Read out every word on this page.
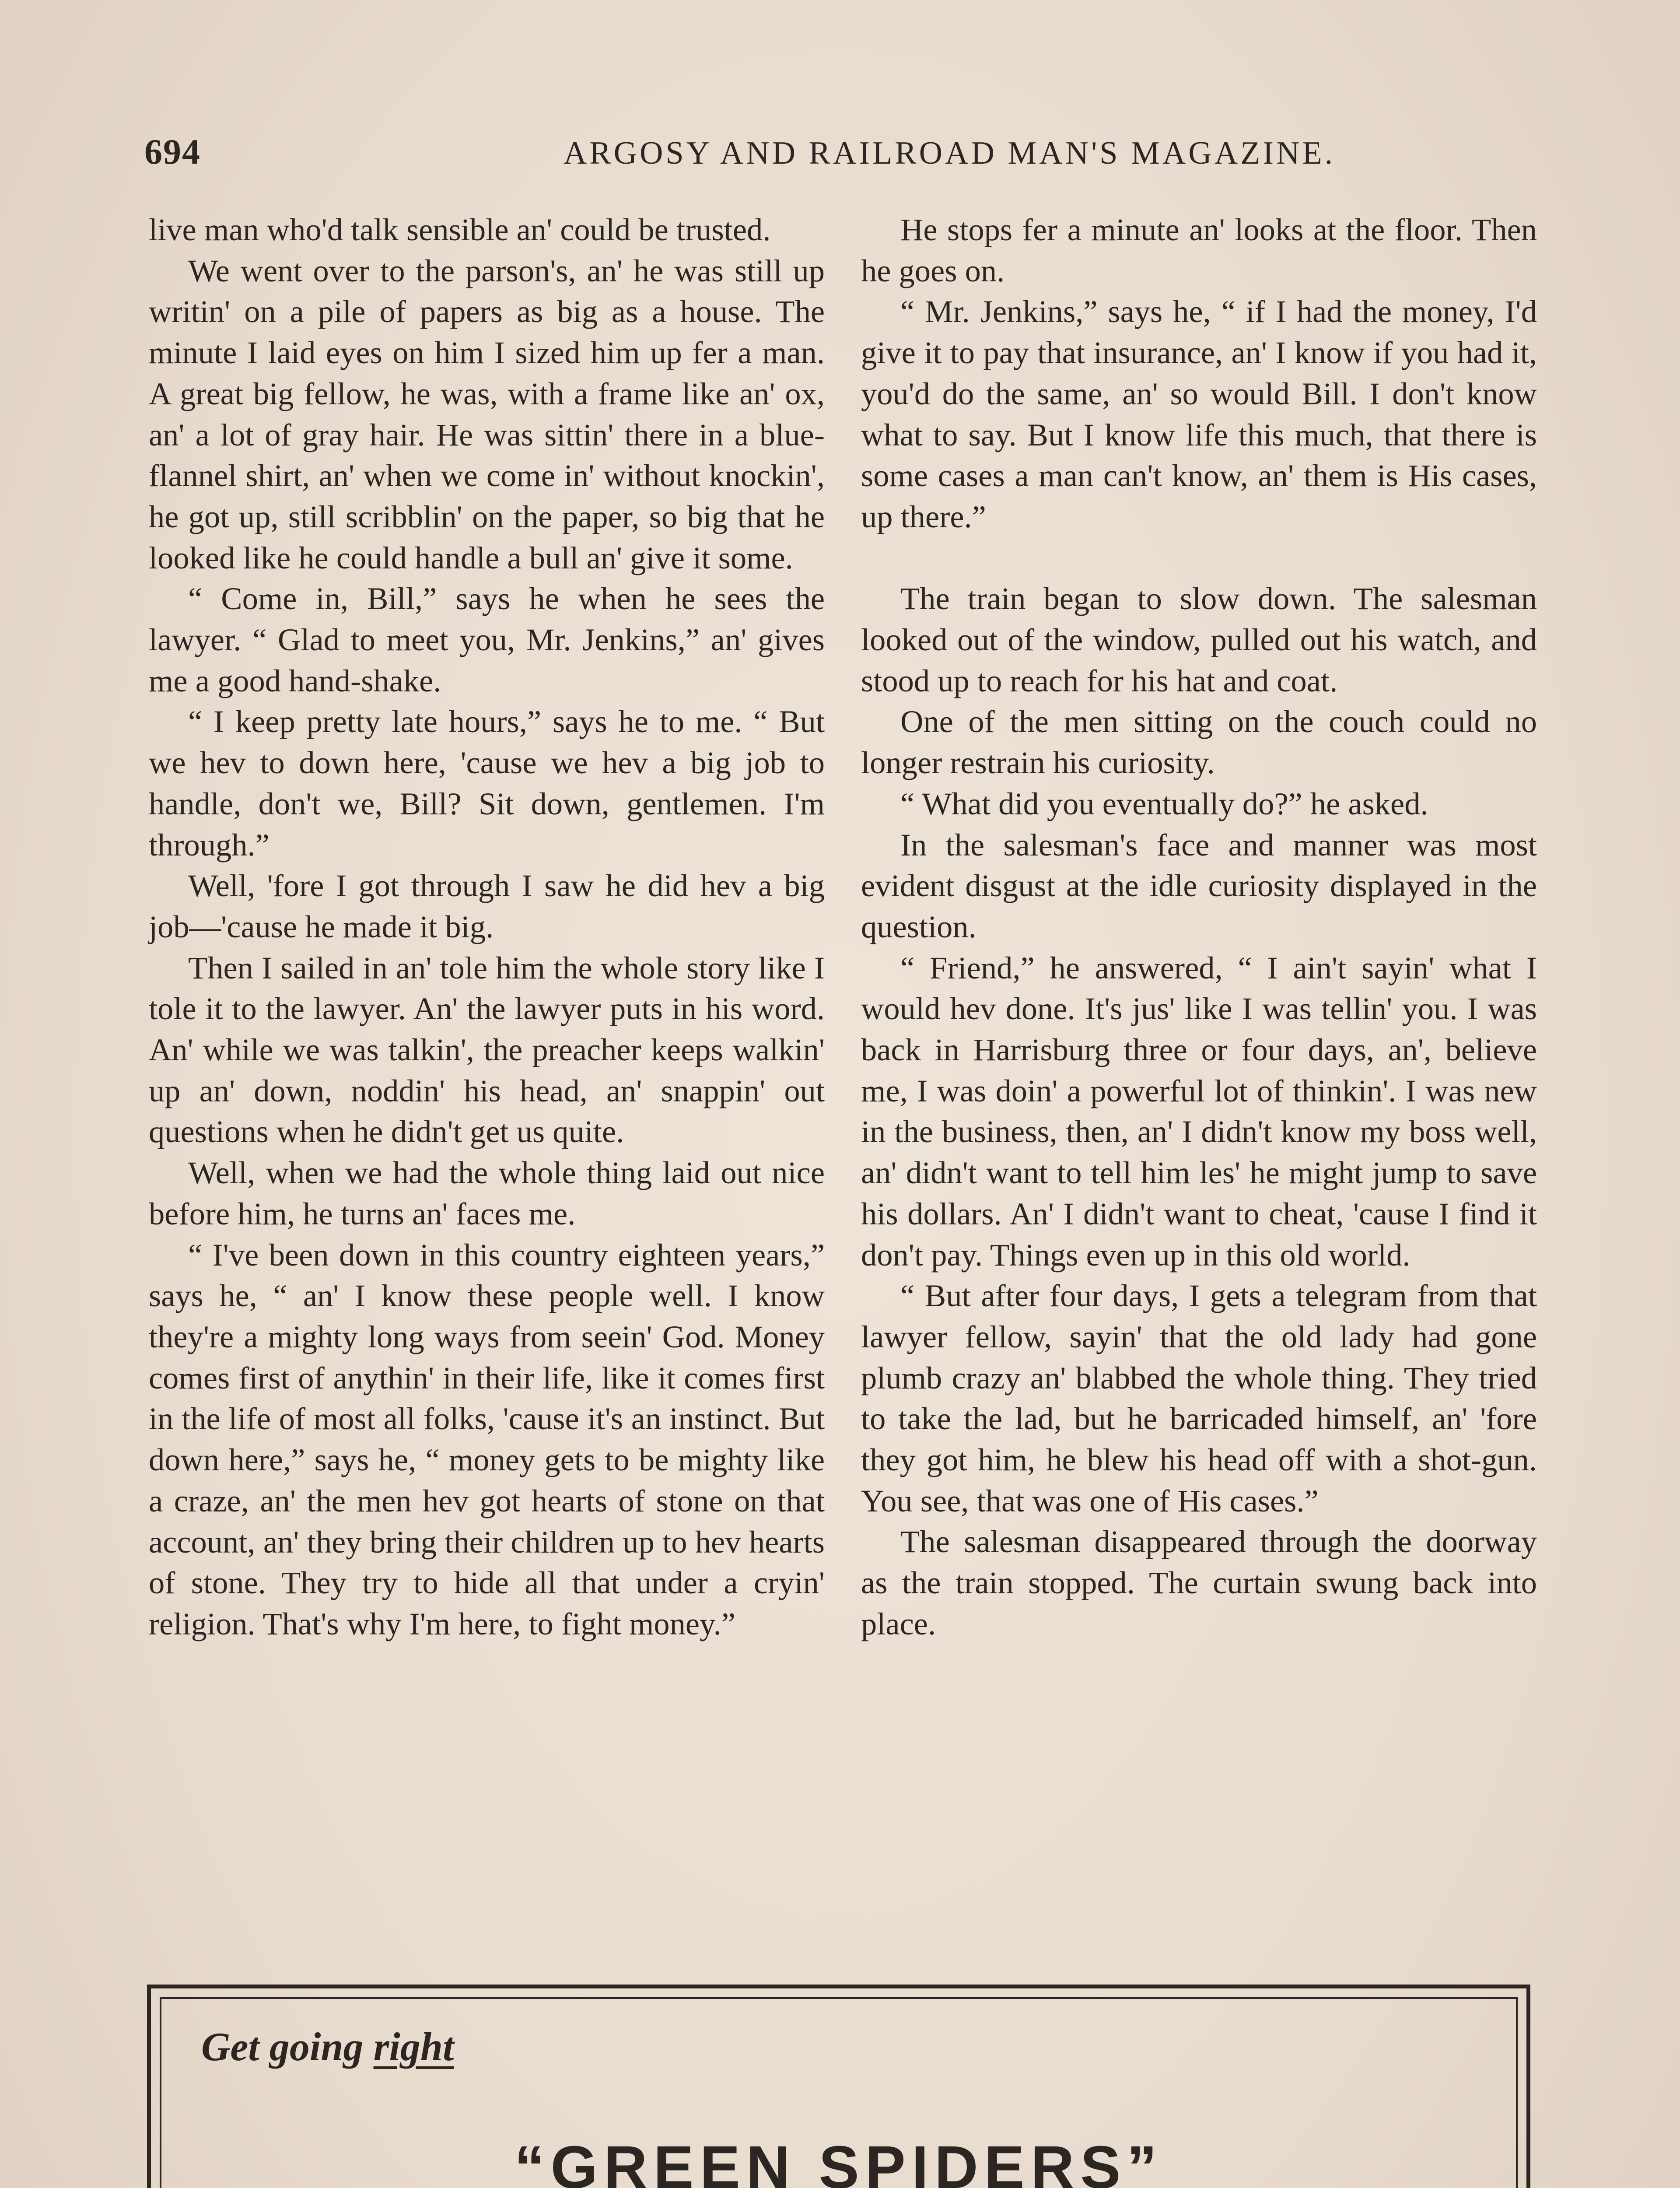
694	ARGOSY AND RAILROAD MAN'S MAGAZINE.

live man who'd talk sensible an' could be trusted.

We went over to the parson's, an' he was still up writin' on a pile of papers as big as a house. The minute I laid eyes on him I sized him up fer a man. A great big fellow, he was, with a frame like an' ox, an' a lot of gray hair. He was sittin' there in a blue-flannel shirt, an' when we come in' without knockin', he got up, still scribblin' on the paper, so big that he looked like he could handle a bull an' give it some.

“ Come in, Bill,” says he when he sees the lawyer. “ Glad to meet you, Mr. Jenkins,” an' gives me a good hand-shake.

“ I keep pretty late hours,” says he to me. “ But we hev to down here, 'cause we hev a big job to handle, don't we, Bill? Sit down, gentlemen. I'm through.”

Well, 'fore I got through I saw he did hev a big job—'cause he made it big.

Then I sailed in an' tole him the whole story like I tole it to the lawyer. An' the lawyer puts in his word. An' while we was talkin', the preacher keeps walkin' up an' down, noddin' his head, an' snappin' out questions when he didn't get us quite.

Well, when we had the whole thing laid out nice before him, he turns an' faces me.

“ I've been down in this country eighteen years,” says he, “ an' I know these people well. I know they're a mighty long ways from seein' God. Money comes first of anythin' in their life, like it comes first in the life of most all folks, 'cause it's an instinct. But down here,” says he, “ money gets to be mighty like a craze, an' the men hev got hearts of stone on that account, an' they bring their children up to hev hearts of stone. They try to hide all that under a cryin' religion. That's why I'm here, to fight money.”

He stops fer a minute an' looks at the floor. Then he goes on.

“ Mr. Jenkins,” says he, “ if I had the money, I'd give it to pay that insurance, an' I know if you had it, you'd do the same, an' so would Bill. I don't know what to say. But I know life this much, that there is some cases a man can't know, an' them is His cases, up there.”

The train began to slow down. The salesman looked out of the window, pulled out his watch, and stood up to reach for his hat and coat.

One of the men sitting on the couch could no longer restrain his curiosity.

“ What did you eventually do?” he asked.

In the salesman's face and manner was most evident disgust at the idle curiosity displayed in the question.

“ Friend,” he answered, “ I ain't sayin' what I would hev done. It's jus' like I was tellin' you. I was back in Harrisburg three or four days, an', believe me, I was doin' a powerful lot of thinkin'. I was new in the business, then, an' I didn't know my boss well, an' didn't want to tell him les' he might jump to save his dollars. An' I didn't want to cheat, 'cause I find it don't pay. Things even up in this old world.

“ But after four days, I gets a telegram from that lawyer fellow, sayin' that the old lady had gone plumb crazy an' blabbed the whole thing. They tried to take the lad, but he barricaded himself, an' 'fore they got him, he blew his head off with a shot-gun. You see, that was one of His cases.”

The salesman disappeared through the doorway as the train stopped. The curtain swung back into place.

Get going right
“GREEN SPIDERS”
